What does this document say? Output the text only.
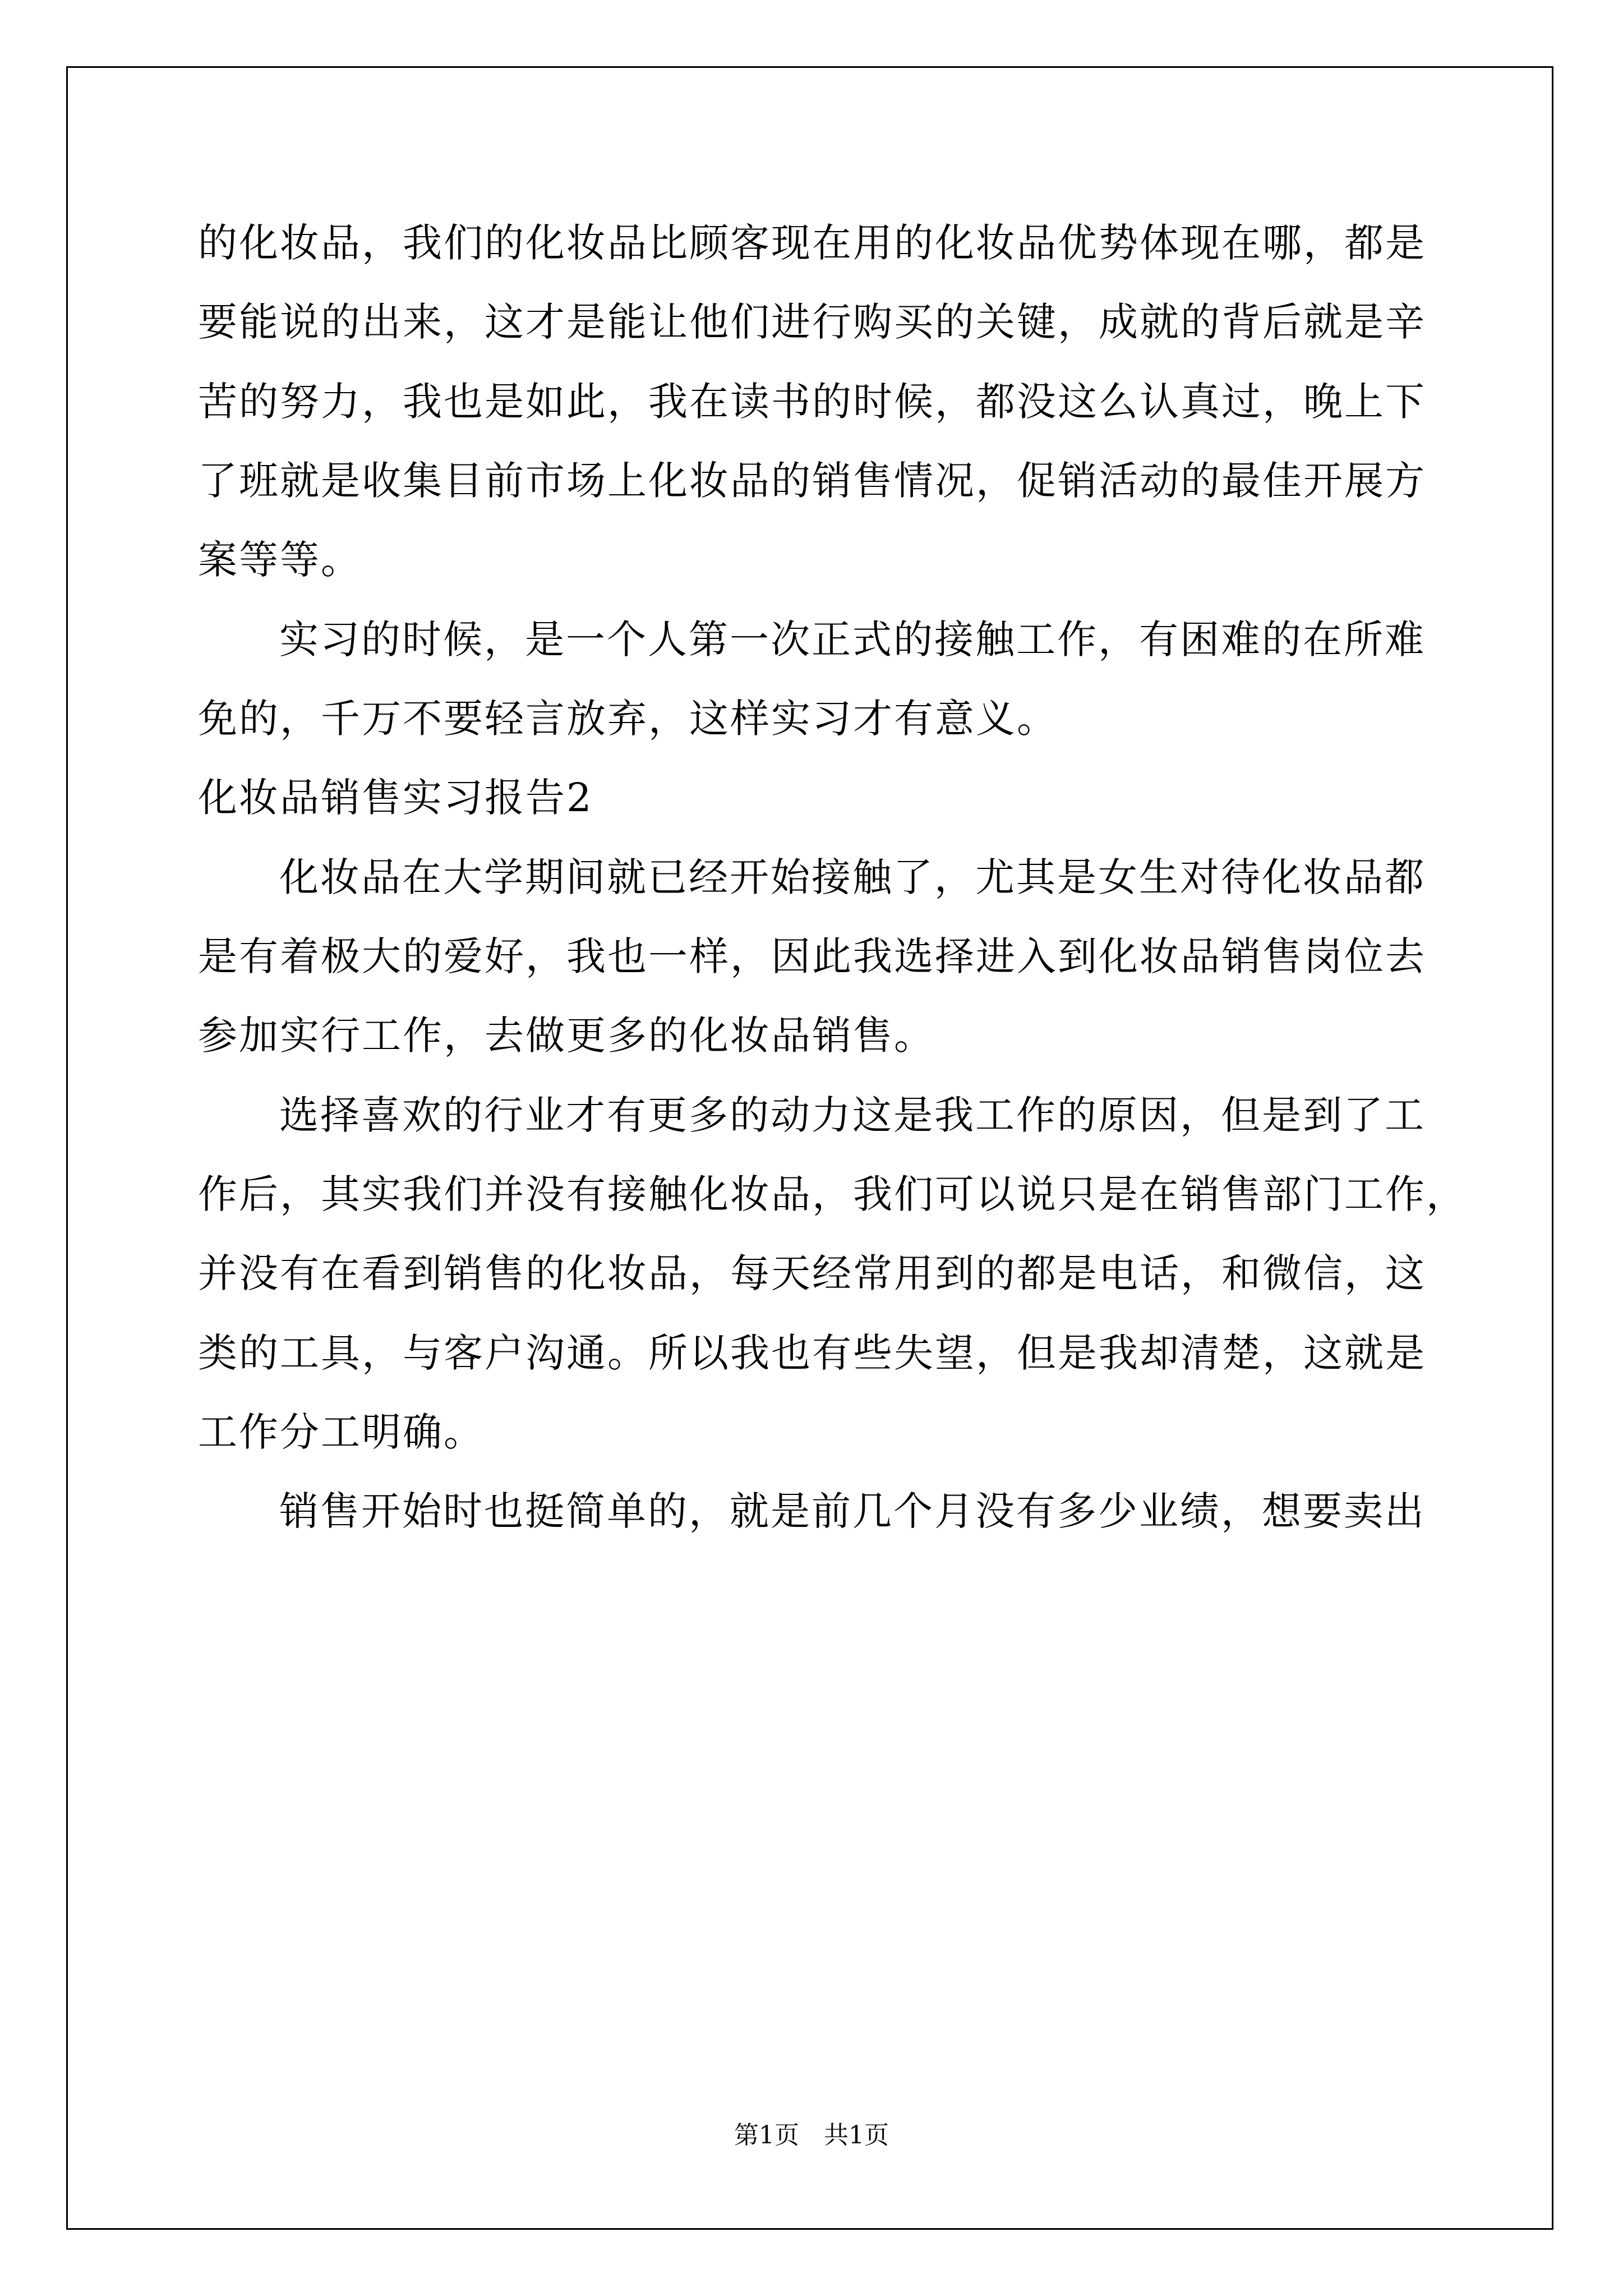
的化妆品，我们的化妆品比顾客现在用的化妆品优势体现在哪，都是
要能说的出来，这才是能让他们进行购买的关键，成就的背后就是辛
苦的努力，我也是如此，我在读书的时候，都没这么认真过，晚上下
了班就是收集目前市场上化妆品的销售情况，促销活动的最佳开展方
案等等。
实习的时候，是一个人第一次正式的接触工作，有困难的在所难
免的，千万不要轻言放弃，这样实习才有意义。
化妆品销售实习报告2
化妆品在大学期间就已经开始接触了，尤其是女生对待化妆品都
是有着极大的爱好，我也一样，因此我选择进入到化妆品销售岗位去
参加实行工作，去做更多的化妆品销售。
选择喜欢的行业才有更多的动力这是我工作的原因，但是到了工
作后，其实我们并没有接触化妆品，我们可以说只是在销售部门工作，
并没有在看到销售的化妆品，每天经常用到的都是电话，和微信，这
类的工具，与客户沟通。所以我也有些失望，但是我却清楚，这就是
工作分工明确。
销售开始时也挺简单的，就是前几个月没有多少业绩，想要卖出
第1页　共1页
